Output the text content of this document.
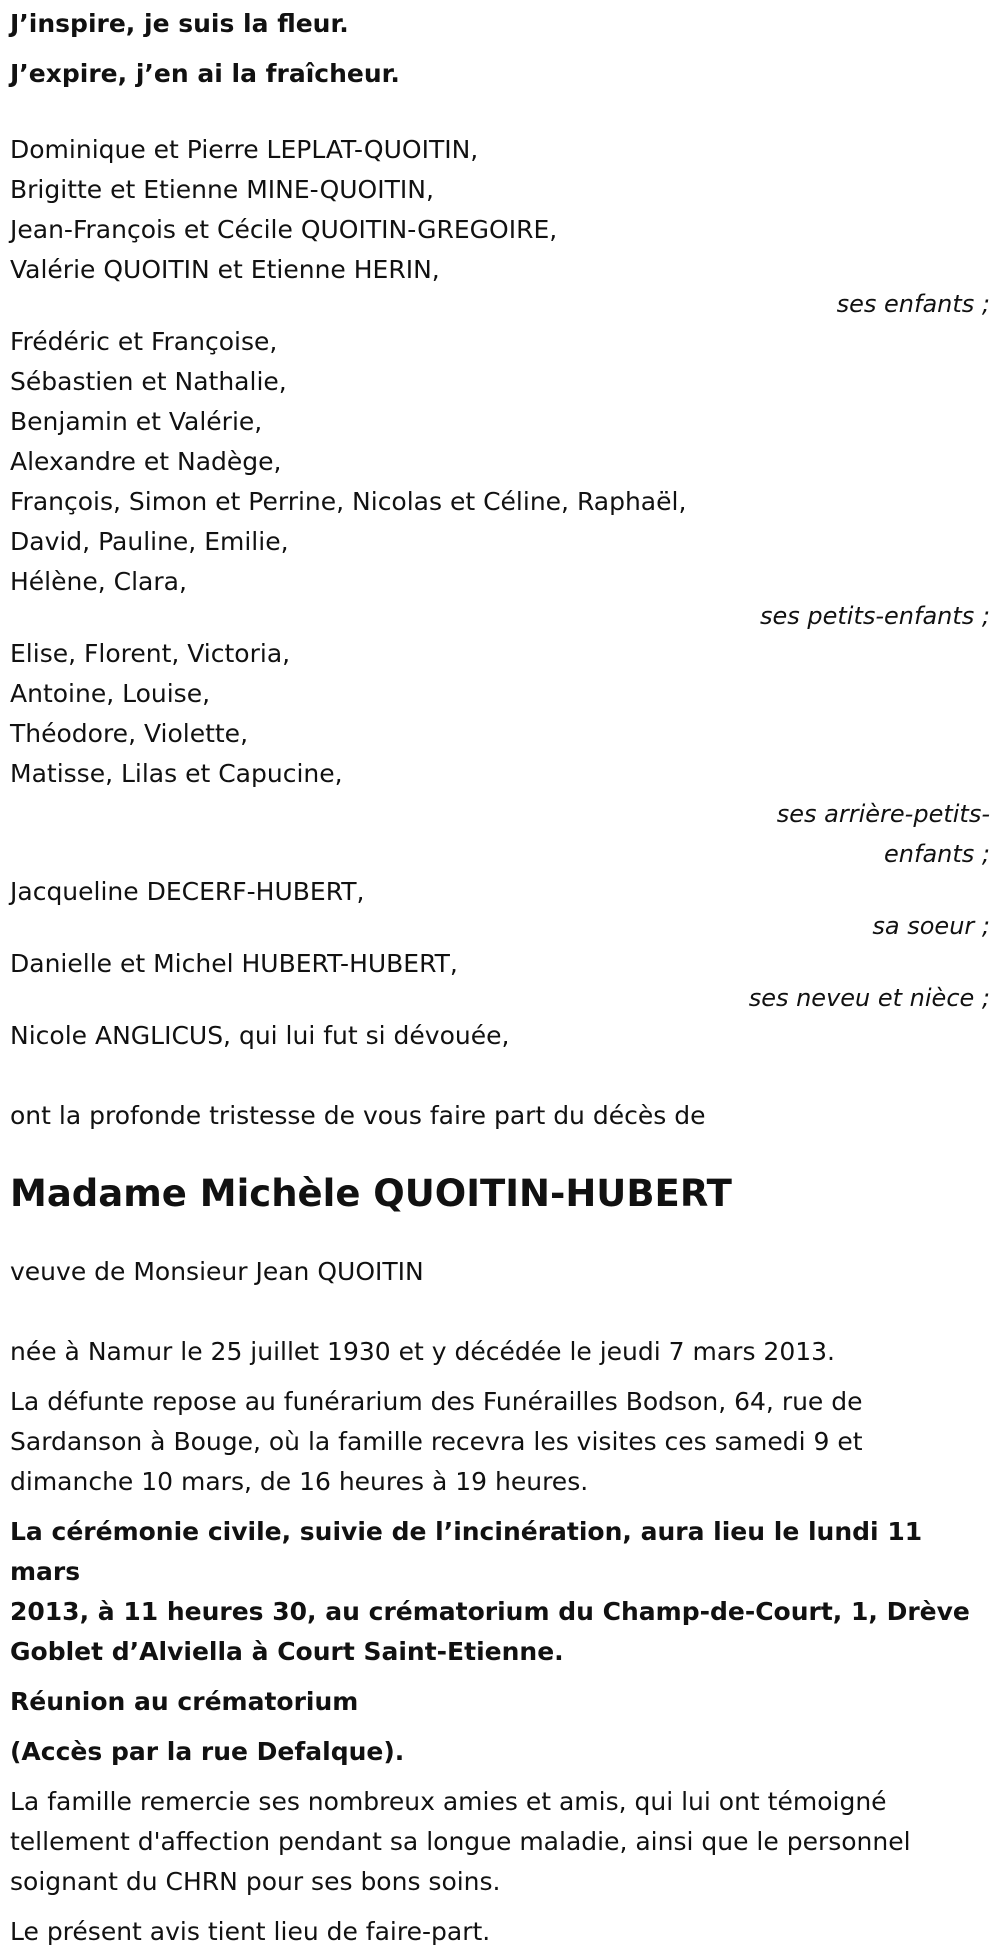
J’inspire, je suis la fleur.

J’expire, j’en ai la fraîcheur.

Dominique et Pierre LEPLAT-QUOITIN,

Brigitte et Etienne MINE-QUOITIN,

Jean-François et Cécile QUOITIN-GREGOIRE,

Valérie QUOITIN et Etienne HERIN,

ses enfants ;

Frédéric et Françoise,

Sébastien et Nathalie,

Benjamin et Valérie,

Alexandre et Nadège,

François, Simon et Perrine, Nicolas et Céline, Raphaël,

David, Pauline, Emilie,

Hélène, Clara,

ses petits-enfants ;

Elise, Florent, Victoria,

Antoine, Louise,

Théodore, Violette,

Matisse, Lilas et Capucine,

ses arrière-petits-
enfants ;

Jacqueline DECERF-HUBERT,

sa soeur ;

Danielle et Michel HUBERT-HUBERT,

ses neveu et nièce ;

Nicole ANGLICUS, qui lui fut si dévouée,

ont la profonde tristesse de vous faire part du décès de

Madame Michèle QUOITIN-HUBERT

veuve de Monsieur Jean QUOITIN

née à Namur le 25 juillet 1930 et y décédée le jeudi 7 mars 2013.

La défunte repose au funérarium des Funérailles Bodson, 64, rue de
Sardanson à Bouge, où la famille recevra les visites ces samedi 9 et
dimanche 10 mars, de 16 heures à 19 heures.
La cérémonie civile, suivie de l’incinération, aura lieu le lundi 11 mars
2013, à 11 heures 30, au crématorium du Champ-de-Court, 1, Drève
Goblet d’Alviella à Court Saint-Etienne.

Réunion au crématorium

(Accès par la rue Defalque).

La famille remercie ses nombreux amies et amis, qui lui ont témoigné
tellement d'affection pendant sa longue maladie, ainsi que le personnel
soignant du CHRN pour ses bons soins.

Le présent avis tient lieu de faire-part.
